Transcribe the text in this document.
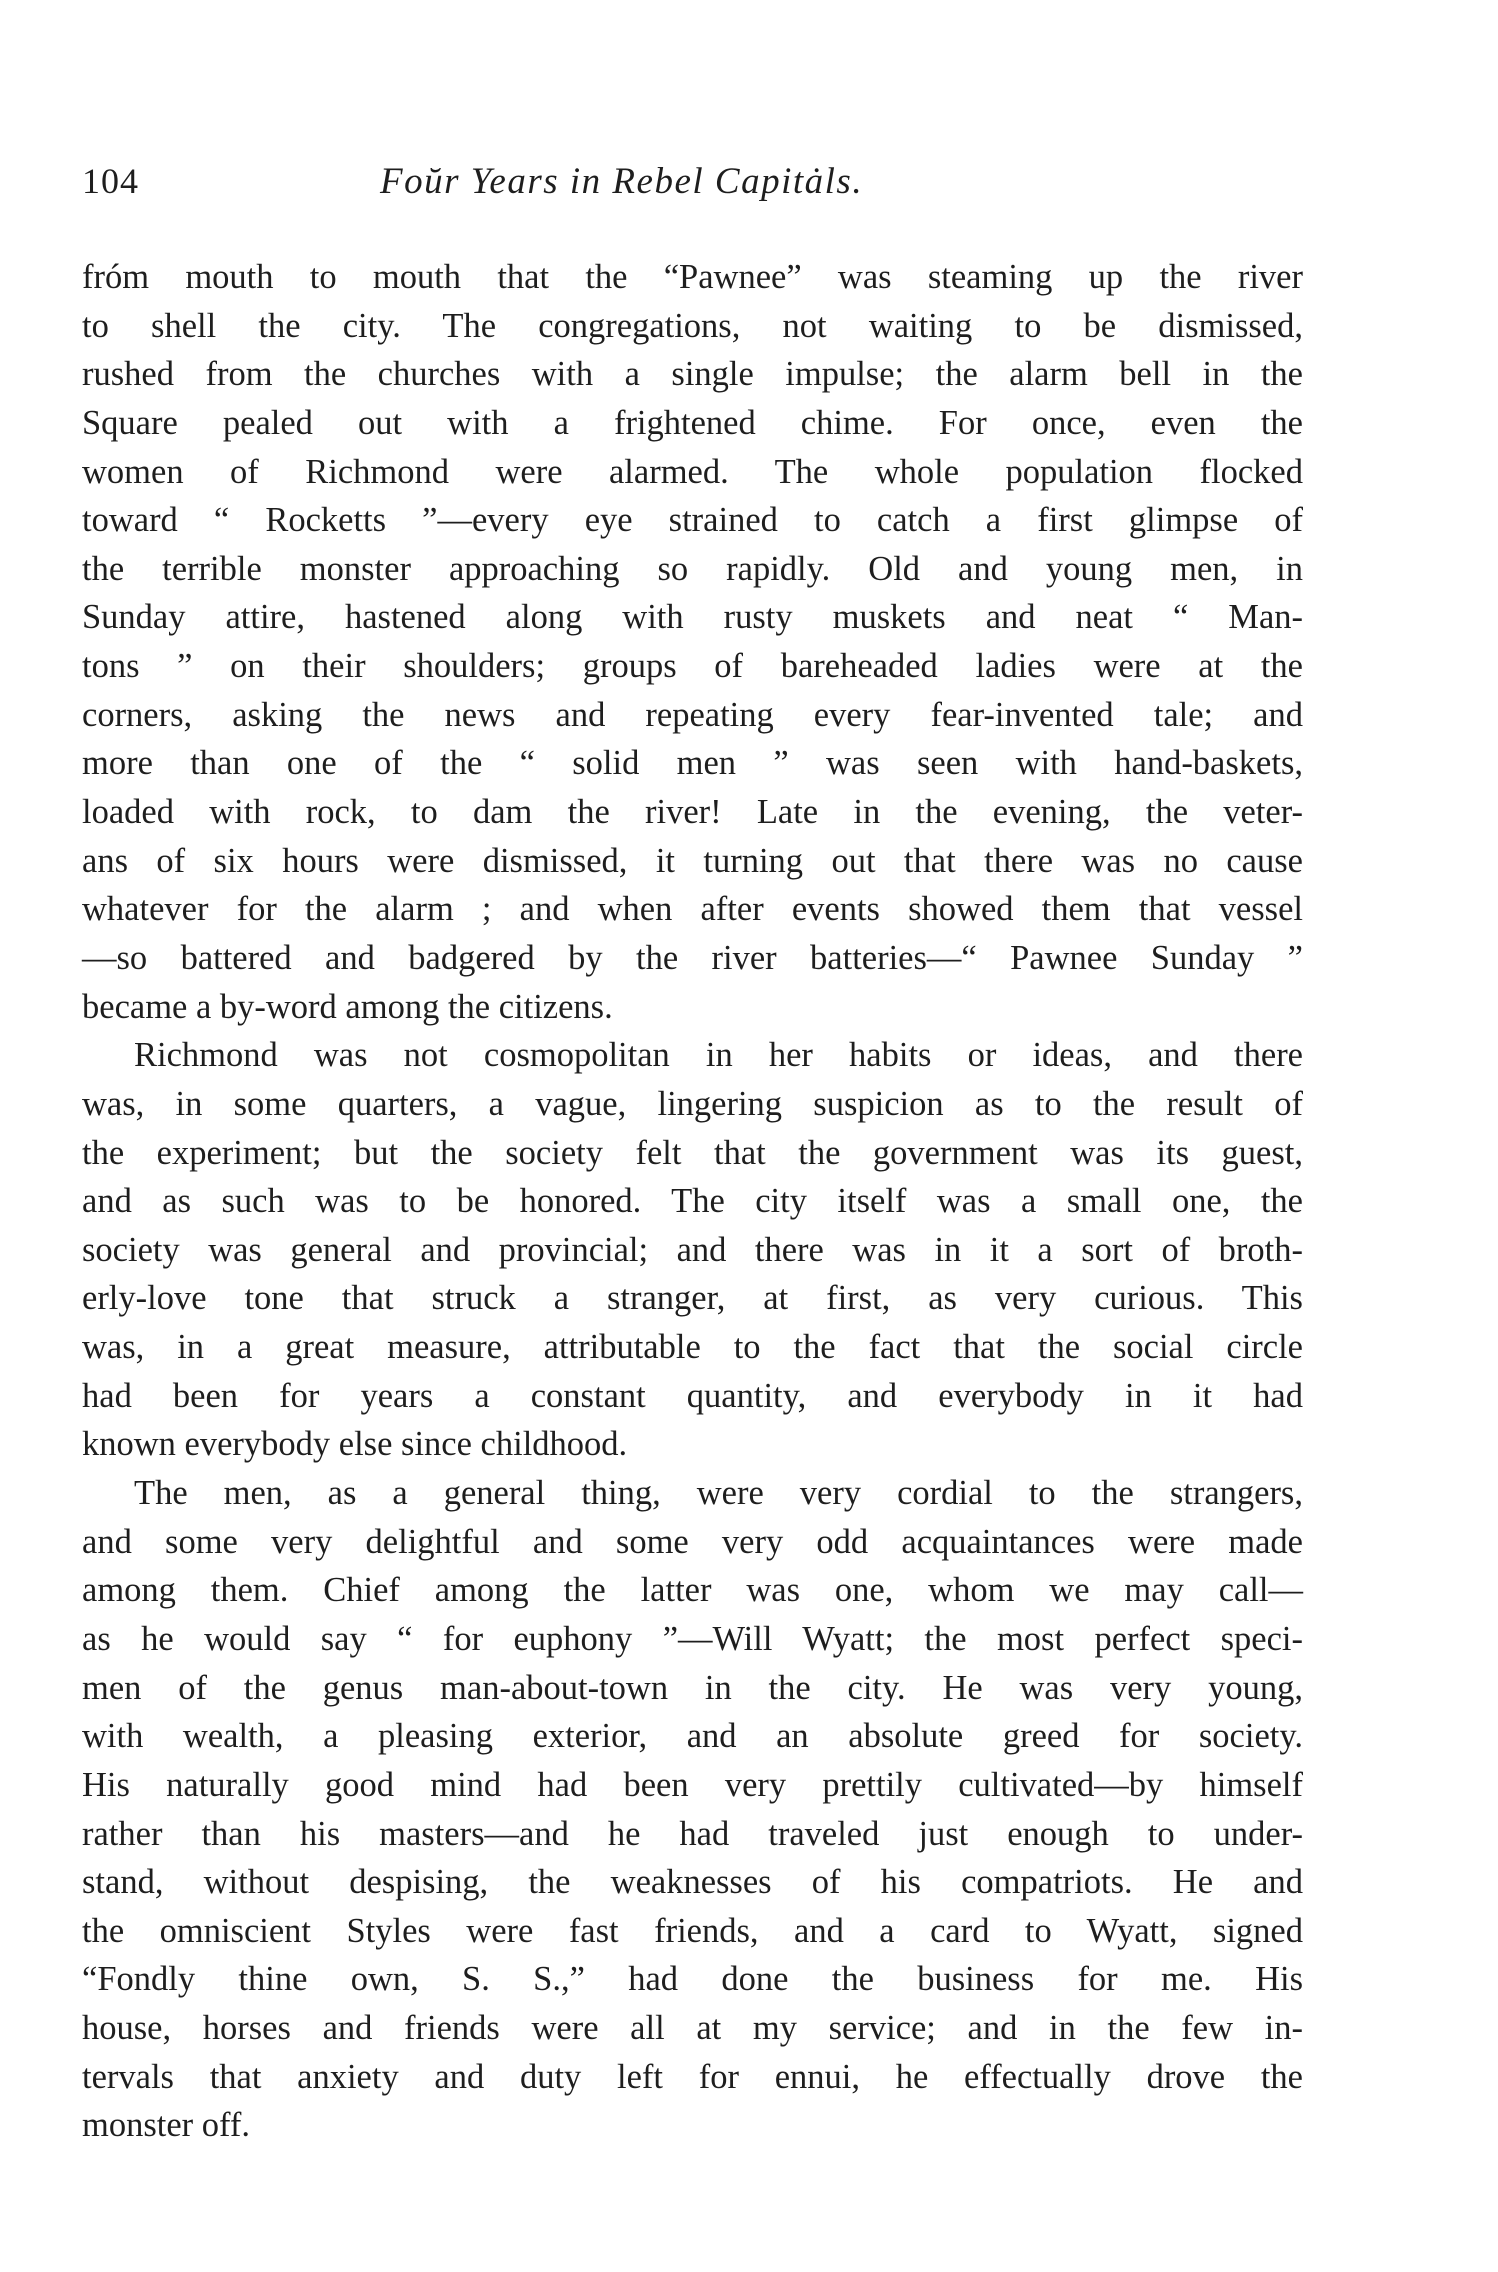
104	Foŭr Years in Rebel Capitȧls.
fróm mouth to mouth that the “Pawnee” was steaming up the river
to shell the city. The congregations, not waiting to be dismissed,
rushed from the churches with a single impulse; the alarm bell in the
Square pealed out with a frightened chime. For once, even the
women of Richmond were alarmed. The whole population flocked
toward “ Rocketts ”—every eye strained to catch a first glimpse of
the terrible monster approaching so rapidly. Old and young men, in
Sunday attire, hastened along with rusty muskets and neat “ Man-
tons ” on their shoulders; groups of bareheaded ladies were at the
corners, asking the news and repeating every fear-invented tale; and
more than one of the “ solid men ” was seen with hand-baskets,
loaded with rock, to dam the river! Late in the evening, the veter-
ans of six hours were dismissed, it turning out that there was no cause
whatever for the alarm ; and when after events showed them that vessel
—so battered and badgered by the river batteries—“ Pawnee Sunday ”
became a by-word among the citizens.
Richmond was not cosmopolitan in her habits or ideas, and there
was, in some quarters, a vague, lingering suspicion as to the result of
the experiment; but the society felt that the government was its guest,
and as such was to be honored. The city itself was a small one, the
society was general and provincial; and there was in it a sort of broth-
erly-love tone that struck a stranger, at first, as very curious. This
was, in a great measure, attributable to the fact that the social circle
had been for years a constant quantity, and everybody in it had
known everybody else since childhood.
The men, as a general thing, were very cordial to the strangers,
and some very delightful and some very odd acquaintances were made
among them. Chief among the latter was one, whom we may call—
as he would say “ for euphony ”—Will Wyatt; the most perfect speci-
men of the genus man-about-town in the city. He was very young,
with wealth, a pleasing exterior, and an absolute greed for society.
His naturally good mind had been very prettily cultivated—by himself
rather than his masters—and he had traveled just enough to under-
stand, without despising, the weaknesses of his compatriots. He and
the omniscient Styles were fast friends, and a card to Wyatt, signed
“Fondly thine own, S. S.,” had done the business for me. His
house, horses and friends were all at my service; and in the few in-
tervals that anxiety and duty left for ennui, he effectually drove the
monster off.
